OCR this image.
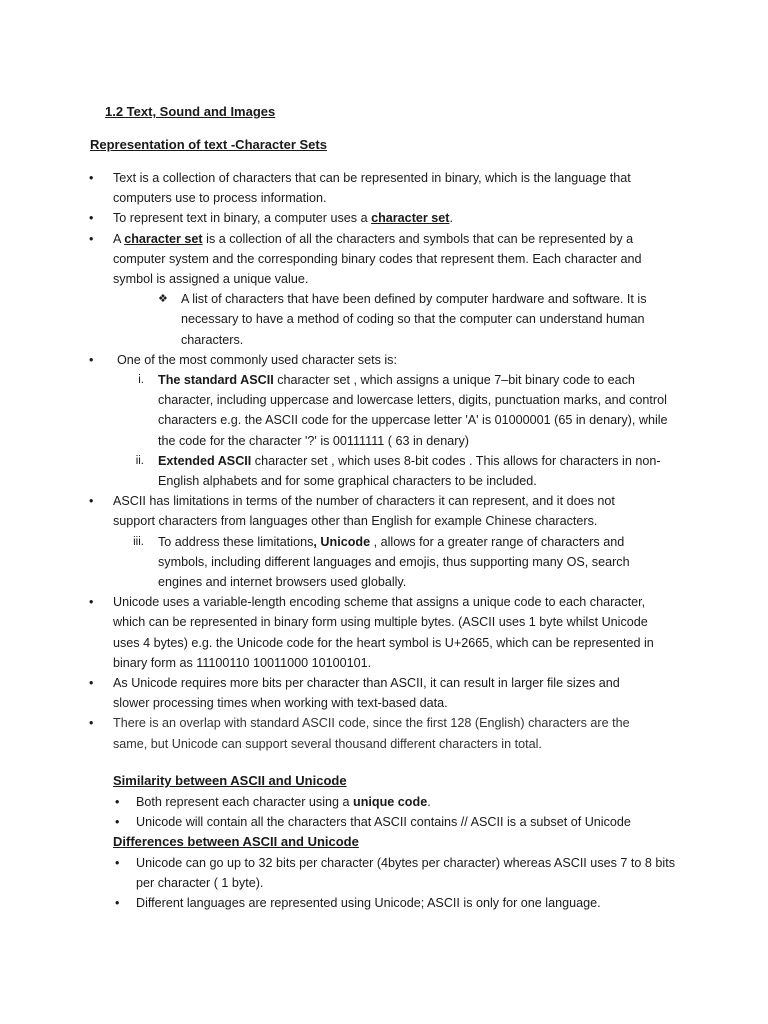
1.2 Text, Sound and Images
Representation of text -Character Sets
•	Text is a collection of characters that can be represented in binary, which is the language that computers use to process information.
•	To represent text in binary, a computer uses a character set.
•	A character set is a collection of all the characters and symbols that can be represented by a computer system and the corresponding binary codes that represent them. Each character and symbol is assigned a unique value.
❖ A list of characters that have been defined by computer hardware and software. It is necessary to have a method of coding so that the computer can understand human characters.
•	One of the most commonly used character sets is:
i. The standard ASCII character set , which assigns a unique 7–bit binary code to each character, including uppercase and lowercase letters, digits, punctuation marks, and control characters e.g. the ASCII code for the uppercase letter 'A' is 01000001 (65 in denary), while the code for the character '?' is 00111111 ( 63 in denary)
ii. Extended ASCII character set , which uses 8-bit codes . This allows for characters in non-English alphabets and for some graphical characters to be included.
•	ASCII has limitations in terms of the number of characters it can represent, and it does not support characters from languages other than English for example Chinese characters.
iii. To address these limitations, Unicode , allows for a greater range of characters and symbols, including different languages and emojis, thus supporting many OS, search engines and internet browsers used globally.
•	Unicode uses a variable-length encoding scheme that assigns a unique code to each character, which can be represented in binary form using multiple bytes. (ASCII uses 1 byte whilst Unicode uses 4 bytes) e.g. the Unicode code for the heart symbol is U+2665, which can be represented in binary form as 11100110 10011000 10100101.
•	As Unicode requires more bits per character than ASCII, it can result in larger file sizes and slower processing times when working with text-based data.
•	There is an overlap with standard ASCII code, since the first 128 (English) characters are the same, but Unicode can support several thousand different characters in total.
Similarity between ASCII and Unicode
•	Both represent each character using a unique code.
•	Unicode will contain all the characters that ASCII contains // ASCII is a subset of Unicode
Differences between ASCII and Unicode
•	Unicode can go up to 32 bits per character (4bytes per character) whereas ASCII uses 7 to 8 bits per character ( 1 byte).
•	Different languages are represented using Unicode; ASCII is only for one language.
